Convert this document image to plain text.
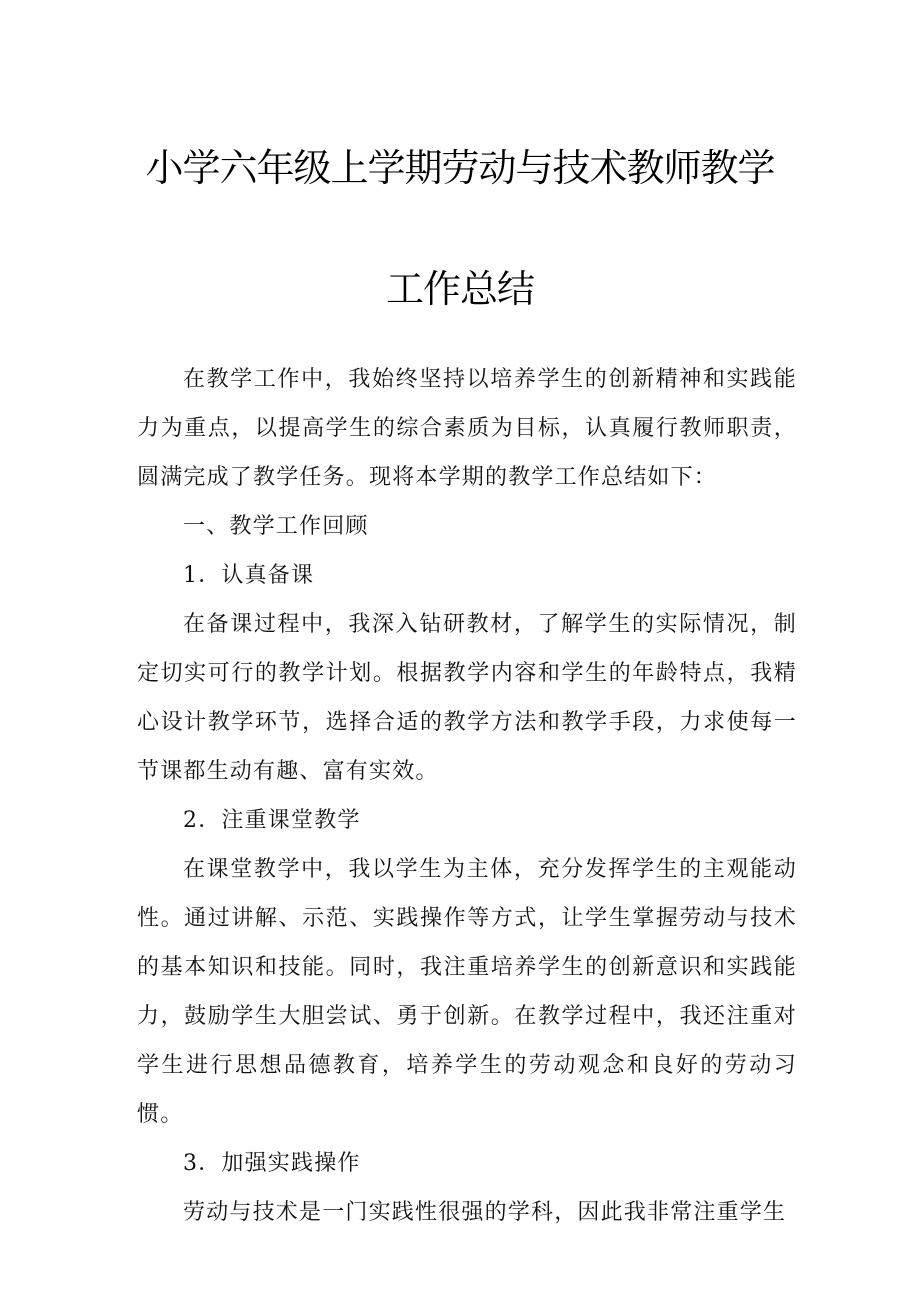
小学六年级上学期劳动与技术教师教学
工作总结

在教学工作中，我始终坚持以培养学生的创新精神和实践能力为重点，以提高学生的综合素质为目标，认真履行教师职责，圆满完成了教学任务。现将本学期的教学工作总结如下：

一、教学工作回顾

1．认真备课

在备课过程中，我深入钻研教材，了解学生的实际情况，制定切实可行的教学计划。根据教学内容和学生的年龄特点，我精心设计教学环节，选择合适的教学方法和教学手段，力求使每一节课都生动有趣、富有实效。

2．注重课堂教学

在课堂教学中，我以学生为主体，充分发挥学生的主观能动性。通过讲解、示范、实践操作等方式，让学生掌握劳动与技术的基本知识和技能。同时，我注重培养学生的创新意识和实践能力，鼓励学生大胆尝试、勇于创新。在教学过程中，我还注重对学生进行思想品德教育，培养学生的劳动观念和良好的劳动习惯。

3．加强实践操作

劳动与技术是一门实践性很强的学科，因此我非常注重学生
